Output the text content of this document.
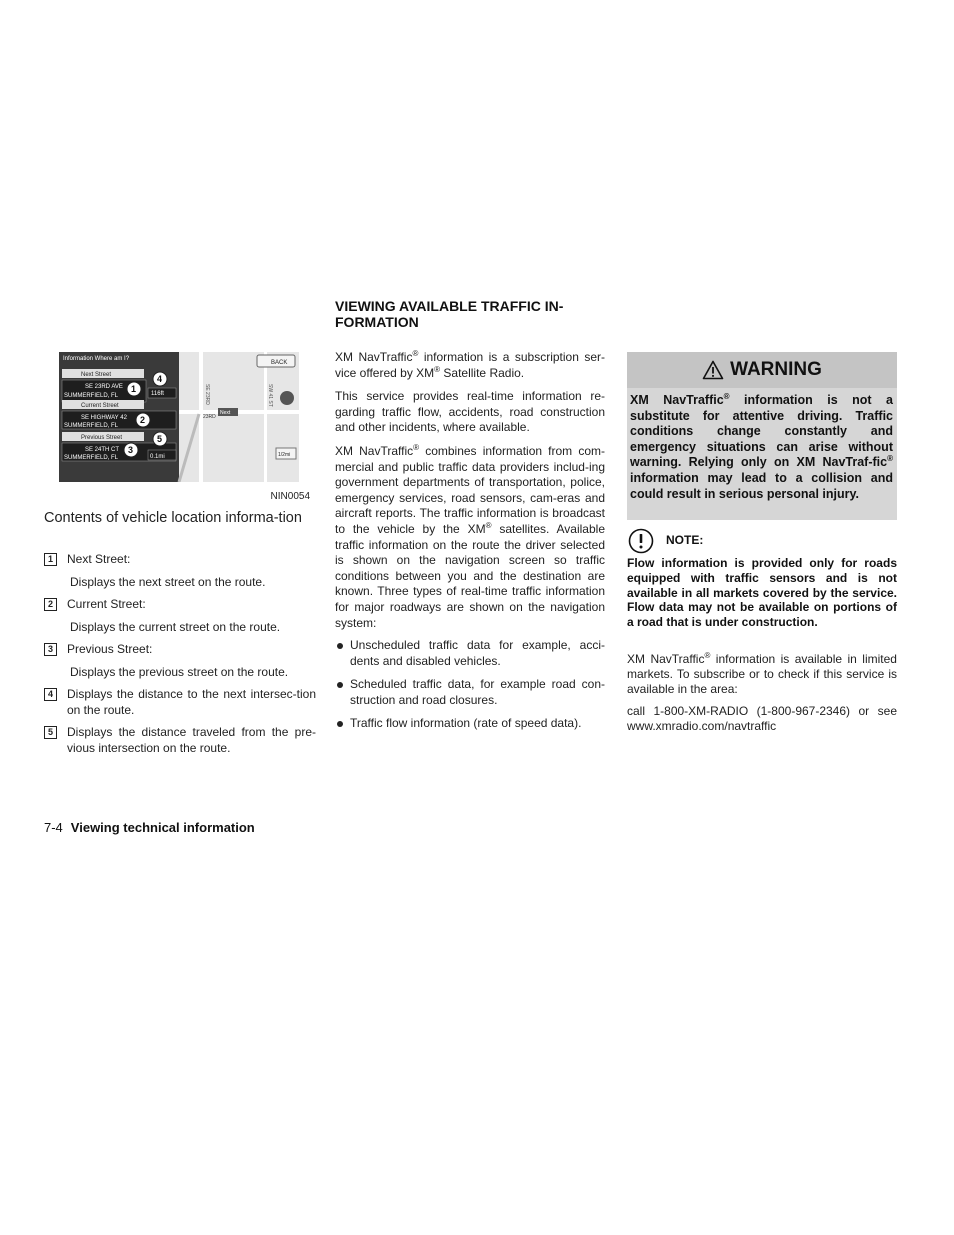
Information Where am I?
BACK
Next Street
SE 23RD AVE
SUMMERFIELD, FL	116ft
Current Street
SE HIGHWAY 42
SUMMERFIELD, FL
Previous Street
SE 24TH CT
SUMMERFIELD, FL	0.1mi
1
2
3
4
5
Next
23RD
SE 23RD	SW 41 ST
1/2mi
NIN0054
Contents of vehicle location informa-tion
1	Next Street:
Displays the next street on the route.
2	Current Street:
Displays the current street on the route.
3	Previous Street:
Displays the previous street on the route.
4	Displays the distance to the next intersec-tion on the route.
5	Displays the distance traveled from the pre-vious intersection on the route.
7-4 Viewing technical information
VIEWING AVAILABLE TRAFFIC IN-FORMATION
XM NavTraffic® information is a subscription ser-vice offered by XM® Satellite Radio.
This service provides real-time information re-garding traffic flow, accidents, road construction and other incidents, where available.
XM NavTraffic® combines information from com-mercial and public traffic data providers includ-ing government departments of transportation, police, emergency services, road sensors, cam-eras and aircraft reports. The traffic information is broadcast to the vehicle by the XM® satellites. Available traffic information on the route the driver selected is shown on the navigation screen so traffic conditions between you and the destination are known. Three types of real-time traffic information for major roadways are shown on the navigation system:
Unscheduled traffic data for example, acci-dents and disabled vehicles.
Scheduled traffic data, for example road con-struction and road closures.
Traffic flow information (rate of speed data).
WARNING
XM NavTraffic® information is not a substitute for attentive driving. Traffic conditions change constantly and emergency situations can arise without warning. Relying only on XM NavTraf-fic® information may lead to a collision and could result in serious personal injury.
NOTE:
Flow information is provided only for roads equipped with traffic sensors and is not available in all markets covered by the service. Flow data may not be available on portions of a road that is under construction.
XM NavTraffic® information is available in limited markets. To subscribe or to check if this service is available in the area:
call 1-800-XM-RADIO (1-800-967-2346) or see www.xmradio.com/navtraffic
